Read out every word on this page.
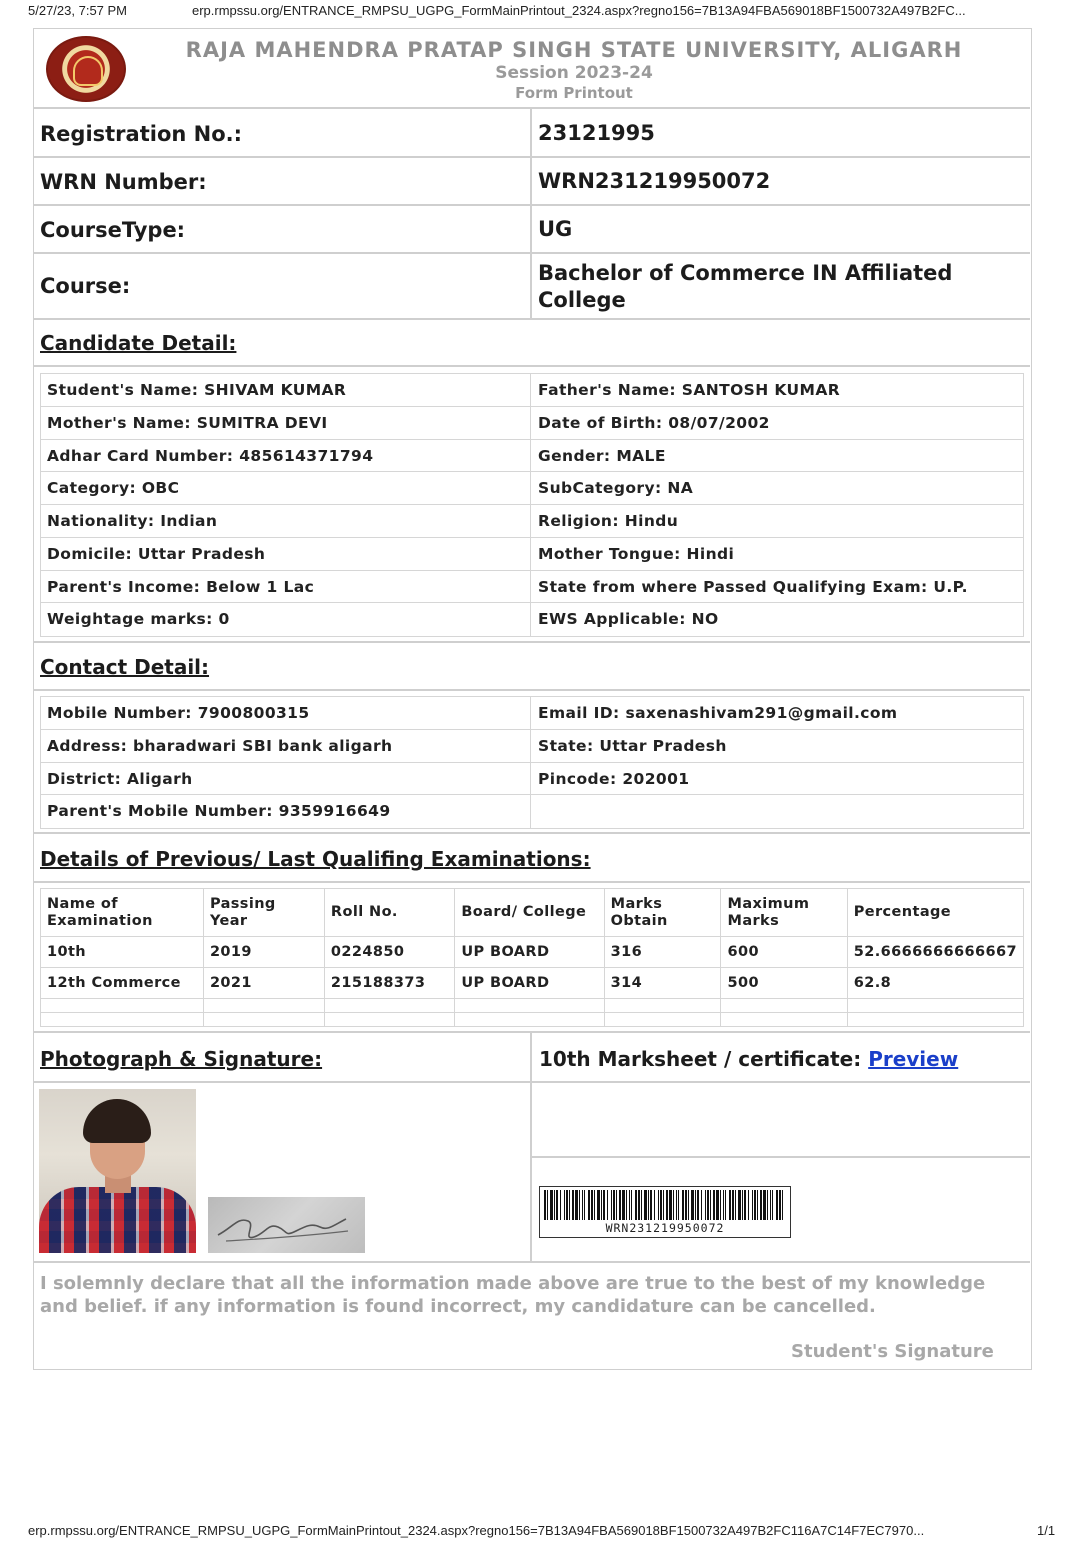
5/27/23, 7:57 PM	erp.rmpssu.org/ENTRANCE_RMPSU_UGPG_FormMainPrintout_2324.aspx?regno156=7B13A94FBA569018BF1500732A497B2FC...
RAJA MAHENDRA PRATAP SINGH STATE UNIVERSITY, ALIGARH
Session 2023-24
Form Printout
Registration No.:	23121995
WRN Number:	WRN231219950072
CourseType:	UG
Course:
Bachelor of Commerce IN Affiliated College
Candidate Detail:
Student's Name: SHIVAM KUMAR	Father's Name: SANTOSH KUMAR
Mother's Name: SUMITRA DEVI	Date of Birth: 08/07/2002
Adhar Card Number: 485614371794	Gender: MALE
Category: OBC	SubCategory: NA
Nationality: Indian	Religion: Hindu
Domicile: Uttar Pradesh	Mother Tongue: Hindi
Parent's Income: Below 1 Lac	State from where Passed Qualifying Exam: U.P.
Weightage marks: 0	EWS Applicable: NO
Contact Detail:
Mobile Number: 7900800315	Email ID: saxenashivam291@gmail.com
Address: bharadwari SBI bank aligarh	State: Uttar Pradesh
District: Aligarh	Pincode: 202001
Parent's Mobile Number: 9359916649
Details of Previous/ Last Qualifing Examinations:
Name of Examination	Passing Year	Roll No.	Board/ College	Marks Obtain	Maximum Marks	Percentage
10th	2019	0224850	UP BOARD	316	600	52.6666666666667
12th Commerce	2021	215188373	UP BOARD	314	500	62.8

Photograph & Signature:	10th Marksheet / certificate: Preview
WRN231219950072
I solemnly declare that all the information made above are true to the best of my knowledge and belief. if any information is found incorrect, my candidature can be cancelled.
Student's Signature
erp.rmpssu.org/ENTRANCE_RMPSU_UGPG_FormMainPrintout_2324.aspx?regno156=7B13A94FBA569018BF1500732A497B2FC116A7C14F7EC7970...	1/1
